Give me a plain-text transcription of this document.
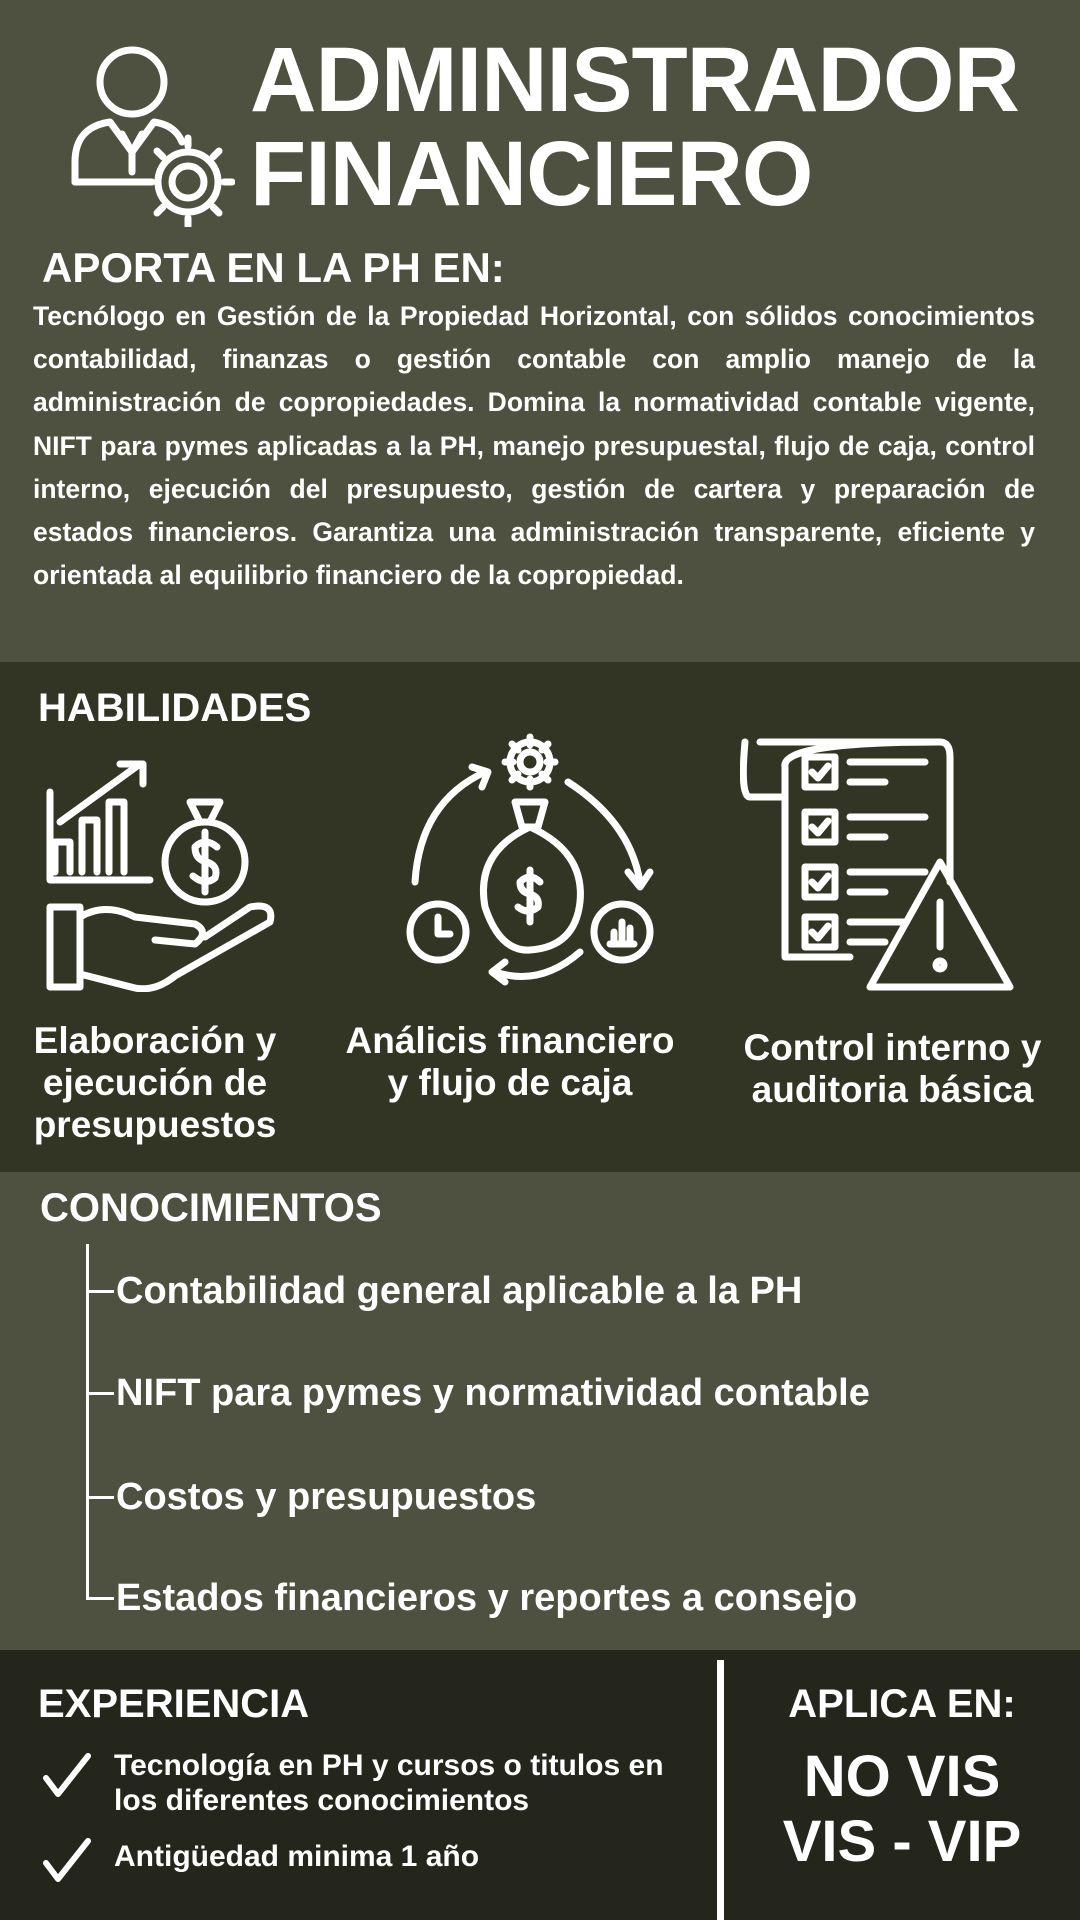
ADMINISTRADOR
FINANCIERO
APORTA EN LA PH EN:
Tecnólogo en Gestión de la Propiedad Horizontal, con sólidos conocimientos contabilidad, finanzas o gestión contable con amplio manejo de la administración de copropiedades. Domina la normatividad contable vigente, NIFT para pymes aplicadas a la PH, manejo presupuestal, flujo de caja, control interno, ejecución del presupuesto, gestión de cartera y preparación de estados financieros. Garantiza una administración transparente, eficiente y orientada al equilibrio financiero de la copropiedad.
HABILIDADES
Elaboración y ejecución de presupuestos
Análicis financiero y flujo de caja
Control interno y auditoria básica
CONOCIMIENTOS
Contabilidad general aplicable a la PH
NIFT para pymes y normatividad contable
Costos y presupuestos
Estados financieros y reportes a consejo
EXPERIENCIA
Tecnología en PH y cursos o titulos en los diferentes conocimientos
Antigüedad minima 1 año
APLICA EN:
NO VIS
VIS - VIP
